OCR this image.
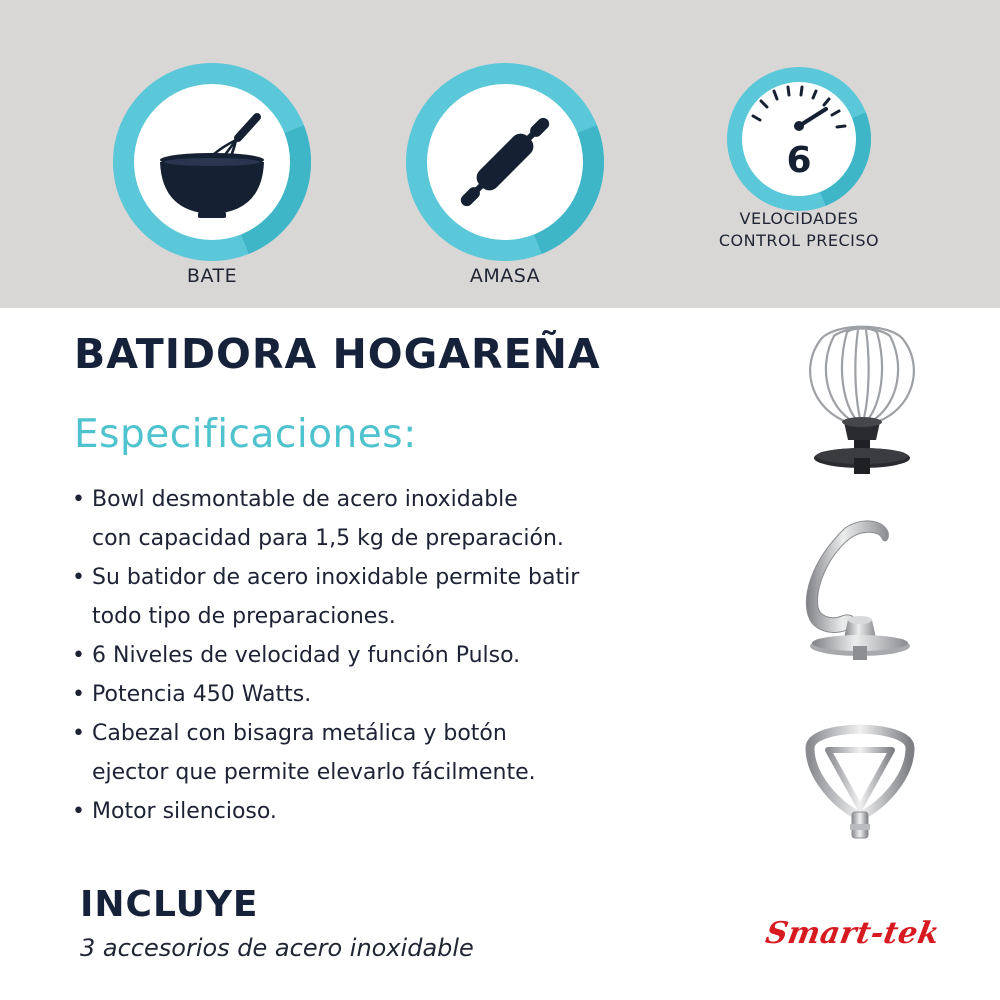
BATE	AMASA
6
VELOCIDADES
CONTROL PRECISO
BATIDORA HOGAREÑA
Especificaciones:
• Bowl desmontable de acero inoxidable
con capacidad para 1,5 kg de preparación.
• Su batidor de acero inoxidable permite batir
todo tipo de preparaciones.
• 6 Niveles de velocidad y función Pulso.
• Potencia 450 Watts.
• Cabezal con bisagra metálica y botón
ejector que permite elevarlo fácilmente.
• Motor silencioso.
INCLUYE

3 accesorios de acero inoxidable	Smart-tek
